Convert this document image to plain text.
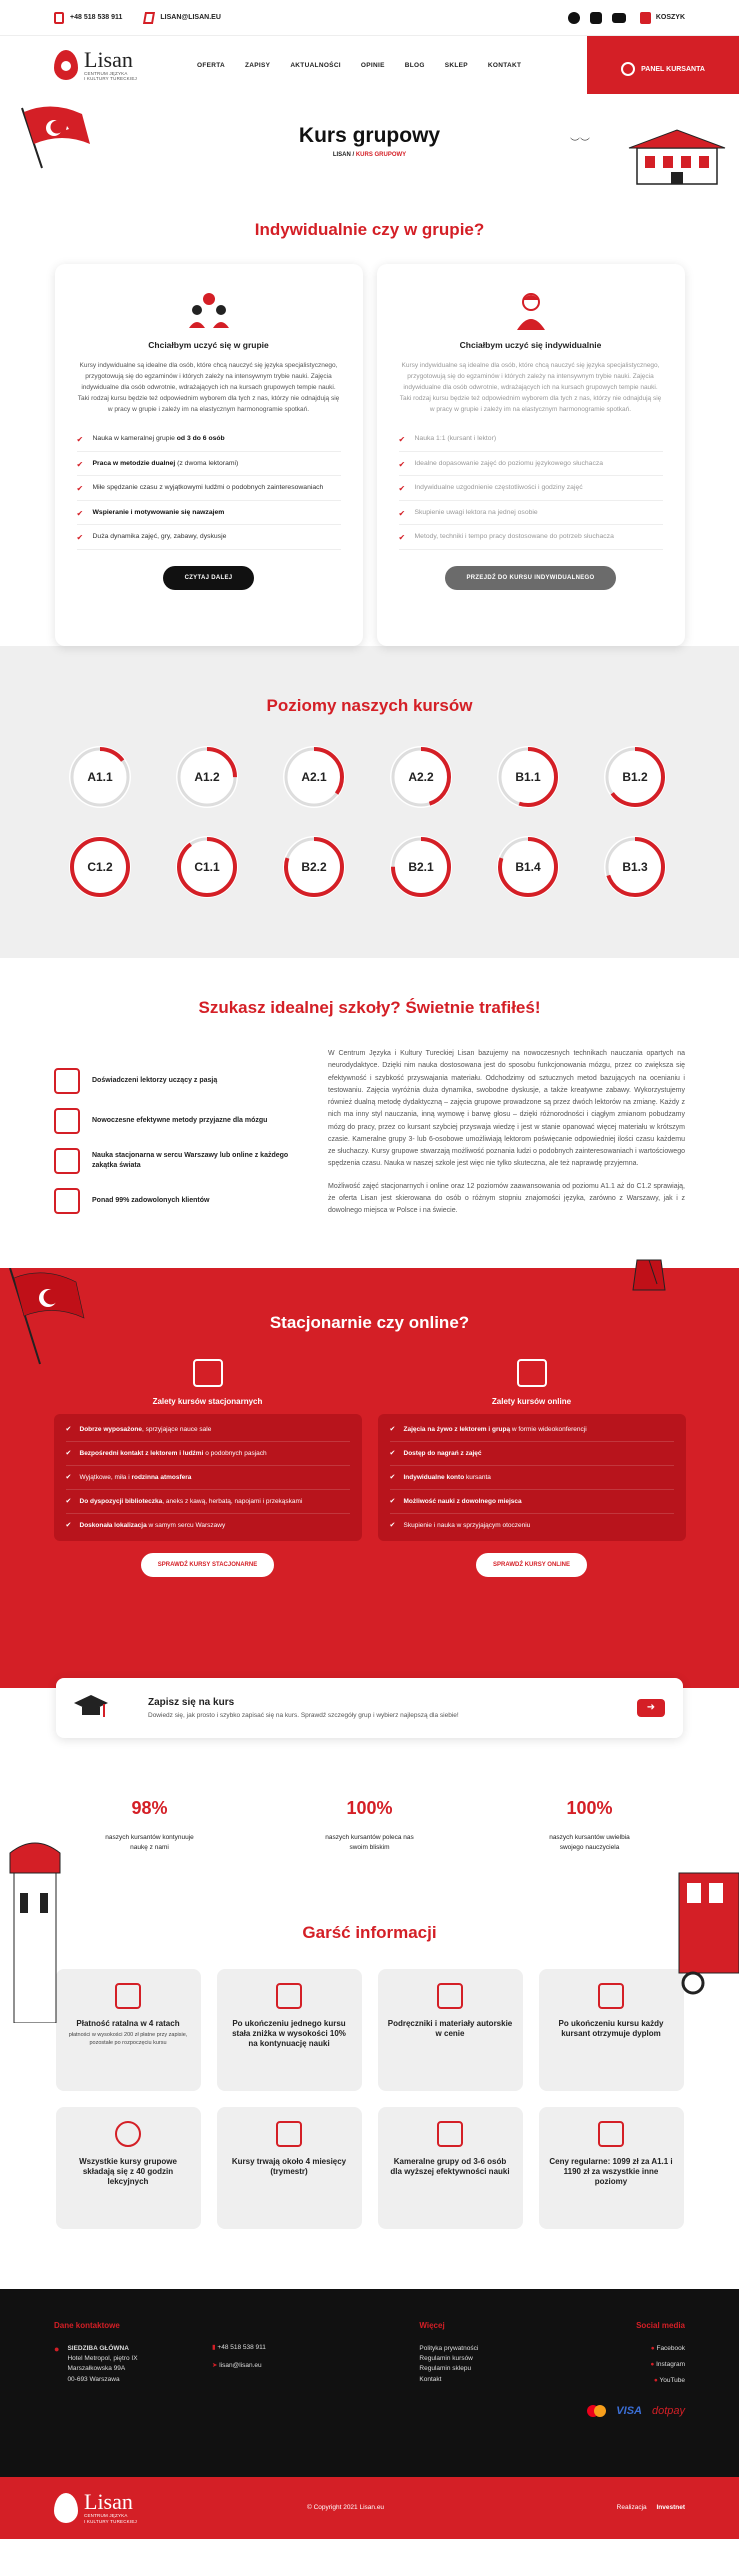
+48 518 538 911	LISAN@LISAN.EU	KOSZYK
Lisan
CENTRUM JĘZYKA
I KULTURY TURECKIEJ
OFERTA	ZAPISY	AKTUALNOŚCI	OPINIE	BLOG	SKLEP	KONTAKT
PANEL KURSANTA
Kurs grupowy
LISAN / KURS GRUPOWY
︶︶
Indywidualnie czy w grupie?
Chciałbym uczyć się w grupie

Kursy indywidualne są idealne dla osób, które chcą nauczyć się języka specjalistycznego, przygotowują się do egzaminów i których zależy na intensywnym trybie nauki. Zajęcia indywidualne dla osób odwrotnie, wdrażających ich na kursach grupowych tempie nauki. Taki rodzaj kursu będzie też odpowiednim wyborem dla tych z nas, którzy nie odnajdują się w pracy w grupie i zależy im na elastycznym harmonogramie spotkań.

✔ Nauka w kameralnej grupie od 3 do 6 osób
✔ Praca w metodzie dualnej (z dwoma lektorami)
✔ Miłe spędzanie czasu z wyjątkowymi ludźmi o podobnych zainteresowaniach
✔ Wspieranie i motywowanie się nawzajem
✔ Duża dynamika zajęć, gry, zabawy, dyskusje
CZYTAJ DALEJ
Chciałbym uczyć się indywidualnie

Kursy indywidualne są idealne dla osób, które chcą nauczyć się języka specjalistycznego, przygotowują się do egzaminów i których zależy na intensywnym trybie nauki. Zajęcia indywidualne dla osób odwrotnie, wdrażających ich na kursach grupowych tempie nauki. Taki rodzaj kursu będzie też odpowiednim wyborem dla tych z nas, którzy nie odnajdują się w pracy w grupie i zależy im na elastycznym harmonogramie spotkań.

✔ Nauka 1:1 (kursant i lektor)
✔ Idealne dopasowanie zajęć do poziomu językowego słuchacza
✔ Indywidualne uzgodnienie częstotliwości i godziny zajęć
✔ Skupienie uwagi lektora na jednej osobie
✔ Metody, techniki i tempo pracy dostosowane do potrzeb słuchacza
PRZEJDŹ DO KURSU INDYWIDUALNEGO
Poziomy naszych kursów
A1.1	A1.2	A2.1	A2.2	B1.1	B1.2
C1.2	C1.1	B2.2	B2.1	B1.4	B1.3
Szukasz idealnej szkoły? Świetnie trafiłeś!
Doświadczeni lektorzy uczący z pasją
Nowoczesne efektywne metody przyjazne dla mózgu
Nauka stacjonarna w sercu Warszawy lub online z każdego zakątka świata
Ponad 99% zadowolonych klientów

W Centrum Języka i Kultury Tureckiej Lisan bazujemy na nowoczesnych technikach nauczania opartych na neurodydaktyce. Dzięki nim nauka dostosowana jest do sposobu funkcjonowania mózgu, przez co zwiększa się efektywność i szybkość przyswajania materiału. Odchodzimy od sztucznych metod bazujących na ocenianiu i testowaniu. Zajęcia wyróżnia duża dynamika, swobodne dyskusje, a także kreatywne zabawy. Wykorzystujemy również dualną metodę dydaktyczną – zajęcia grupowe prowadzone są przez dwóch lektorów na zmianę. Każdy z nich ma inny styl nauczania, inną wymowę i barwę głosu – dzięki różnorodności i ciągłym zmianom pobudzamy mózg do pracy, przez co kursant szybciej przyswaja wiedzę i jest w stanie opanować więcej materiału w krótszym czasie. Kameralne grupy 3- lub 6-osobowe umożliwiają lektorom poświęcanie odpowiedniej ilości czasu każdemu ze słuchaczy. Kursy grupowe stwarzają możliwość poznania ludzi o podobnych zainteresowaniach i wartościowego spędzenia czasu. Nauka w naszej szkole jest więc nie tylko skuteczna, ale też naprawdę przyjemna.

Możliwość zajęć stacjonarnych i online oraz 12 poziomów zaawansowania od poziomu A1.1 aż do C1.2 sprawiają, że oferta Lisan jest skierowana do osób o różnym stopniu znajomości języka, zarówno z Warszawy, jak i z dowolnego miejsca w Polsce i na świecie.

Stacjonarnie czy online?
Zalety kursów stacjonarnych
✔ Dobrze wyposażone, sprzyjające nauce sale
✔ Bezpośredni kontakt z lektorem i ludźmi o podobnych pasjach
✔ Wyjątkowe, miła i rodzinna atmosfera
✔ Do dyspozycji biblioteczka, aneks z kawą, herbatą, napojami i przekąskami
✔ Doskonała lokalizacja w samym sercu Warszawy
SPRAWDŹ KURSY STACJONARNE
Zalety kursów online
✔ Zajęcia na żywo z lektorem i grupą w formie wideokonferencji
✔ Dostęp do nagrań z zajęć
✔ Indywidualne konto kursanta
✔ Możliwość nauki z dowolnego miejsca
✔ Skupienie i nauka w sprzyjającym otoczeniu
SPRAWDŹ KURSY ONLINE
Zapisz się na kurs

Dowiedz się, jak prosto i szybko zapisać się na kurs. Sprawdź szczegóły grup i wybierz najlepszą dla siebie!

➜
98%
naszych kursantów kontynuuje naukę z nami
100%
naszych kursantów poleca nas swoim bliskim
100%
naszych kursantów uwielbia swojego nauczyciela
Garść informacji
Płatność ratalna w 4 ratach
płatności w wysokości 200 zł płatne przy zapisie, pozostałe po rozpoczęciu kursu
Po ukończeniu jednego kursu stała zniżka w wysokości 10% na kontynuację nauki
Podręczniki i materiały autorskie w cenie
Po ukończeniu kursu każdy kursant otrzymuje dyplom
Wszystkie kursy grupowe składają się z 40 godzin lekcyjnych
Kursy trwają około 4 miesięcy (trymestr)
Kameralne grupy od 3-6 osób dla wyższej efektywności nauki
Ceny regularne: 1099 zł za A1.1 i 1190 zł za wszystkie inne poziomy
Dane kontaktowe
● SIEDZIBA GŁÓWNA
Hotel Metropol, piętro IX
Marszałkowska 99A
00-693 Warszawa
▮ +48 518 538 911
➤ lisan@lisan.eu
Więcej
Polityka prywatności
Regulamin kursów
Regulamin sklepu
Kontakt
Social media
● Facebook
● Instagram
● YouTube
VISA dotpay
Lisan
CENTRUM JĘZYKA
I KULTURY TURECKIEJ
© Copyright 2021 Lisan.eu	Realizacja Investnet
